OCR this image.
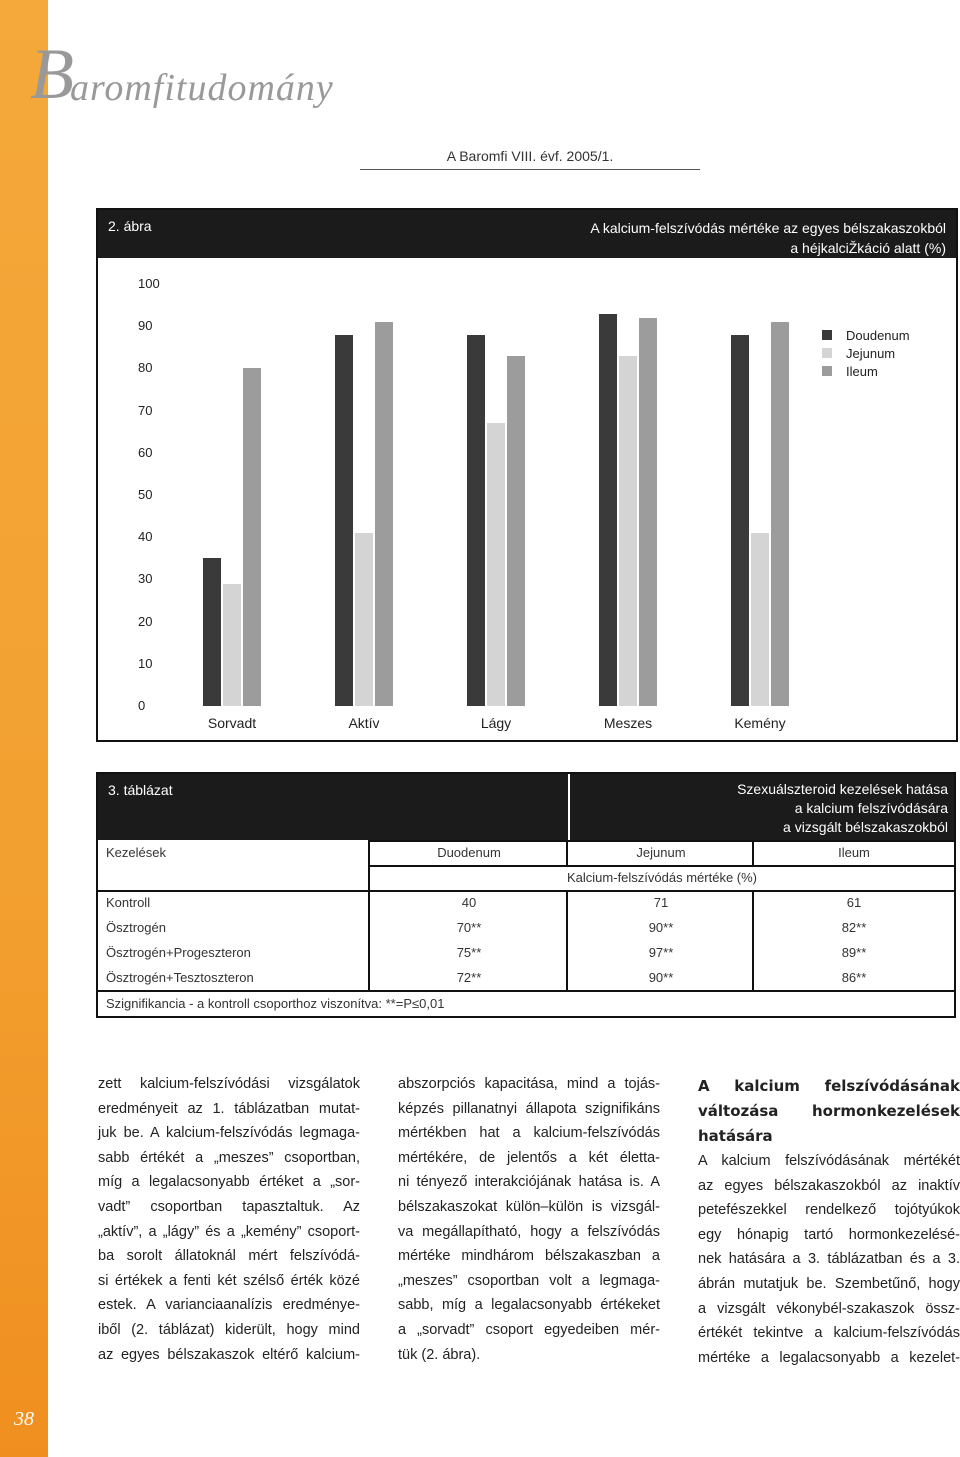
38
Baromfitudomány
A Baromfi VIII. évf. 2005/1.
2. ábra	A kalcium-felszívódás mértéke az egyes bélszakaszokból
a héjkalciŽkáció alatt (%)
Doudenum
Jejunum
Ileum
100
90
80
70
60
50
40
30
20
10
0
Sorvadt	Aktív	Lágy	Meszes	Kemény
3. táblázat	Szexuálszteroid kezelések hatása
a kalcium felszívódására
a vizsgált bélszakaszokból
Kezelések	Duodenum	Jejunum	Ileum
Kalcium-felszívódás mértéke (%)
Kontroll	40	71	61
Ösztrogén	70**	90**	82**
Ösztrogén+Progeszteron	75**	97**	89**
Ösztrogén+Tesztoszteron	72**	90**	86**
Szignifikancia - a kontroll csoporthoz viszonítva: **=P≤0,01
zett kalcium-felszívódási vizsgálatok
eredményeit az 1. táblázatban mutat-
juk be. A kalcium-felszívódás legmaga-
sabb értékét a „meszes” csoportban,
míg a legalacsonyabb értéket a „sor-
vadt” csoportban tapasztaltuk. Az
„aktív”, a „lágy” és a „kemény” csoport-
ba sorolt állatoknál mért felszívódá-
si értékek a fenti két szélső érték közé
estek. A varianciaanalízis eredménye-
iből (2. táblázat) kiderült, hogy mind
az egyes bélszakaszok eltérő kalcium-
abszorpciós kapacitása, mind a tojás-
képzés pillanatnyi állapota szignifikáns
mértékben hat a kalcium-felszívódás
mértékére, de jelentős a két életta-
ni tényező interakciójának hatása is. A
bélszakaszokat külön–külön is vizsgál-
va megállapítható, hogy a felszívódás
mértéke mindhárom bélszakaszban a
„meszes” csoportban volt a legmaga-
sabb, míg a legalacsonyabb értékeket
a „sorvadt” csoport egyedeiben mér-
tük (2. ábra).
A kalcium felszívódásának
változása hormonkezelések
hatására
A kalcium felszívódásának mértékét
az egyes bélszakaszokból az inaktív
petefészekkel rendelkező tojótyúkok
egy hónapig tartó hormonkezelésé-
nek hatására a 3. táblázatban és a 3.
ábrán mutatjuk be. Szembetűnő, hogy
a vizsgált vékonybél-szakaszok össz-
értékét tekintve a kalcium-felszívódás
mértéke a legalacsonyabb a kezelet-
